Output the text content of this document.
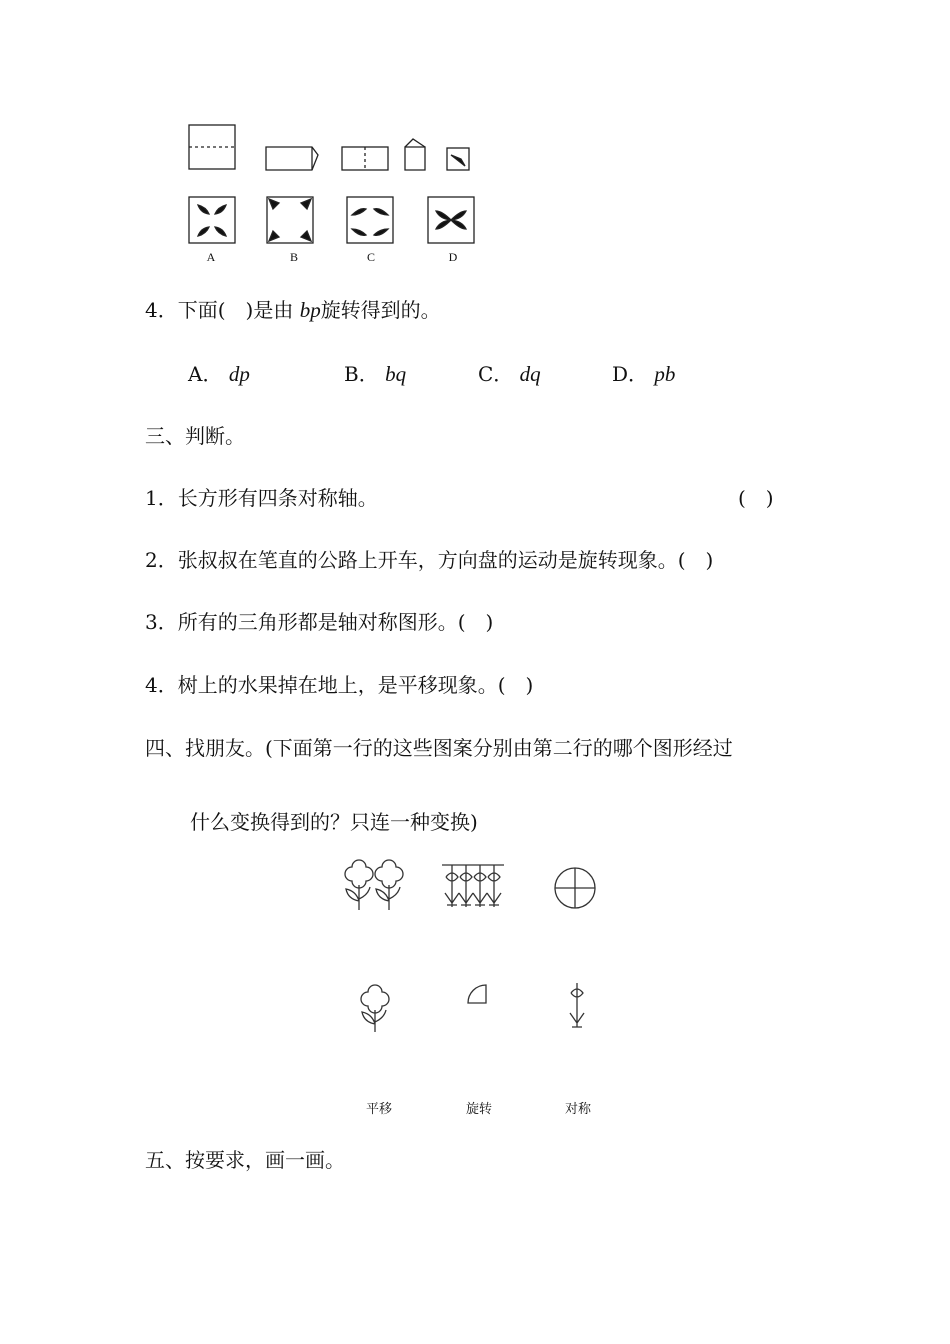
A	B	C	D
4．下面(　)是由 bp旋转得到的。
A． dp	B． bq	C． dq	D． pb
三、判断。
1．长方形有四条对称轴。	(　)
2．张叔叔在笔直的公路上开车，方向盘的运动是旋转现象。(　)
3．所有的三角形都是轴对称图形。(　)
4．树上的水果掉在地上，是平移现象。(　)
四、找朋友。(下面第一行的这些图案分别由第二行的哪个图形经过
什么变换得到的？只连一种变换)
平移	旋转	对称
五、按要求，画一画。
